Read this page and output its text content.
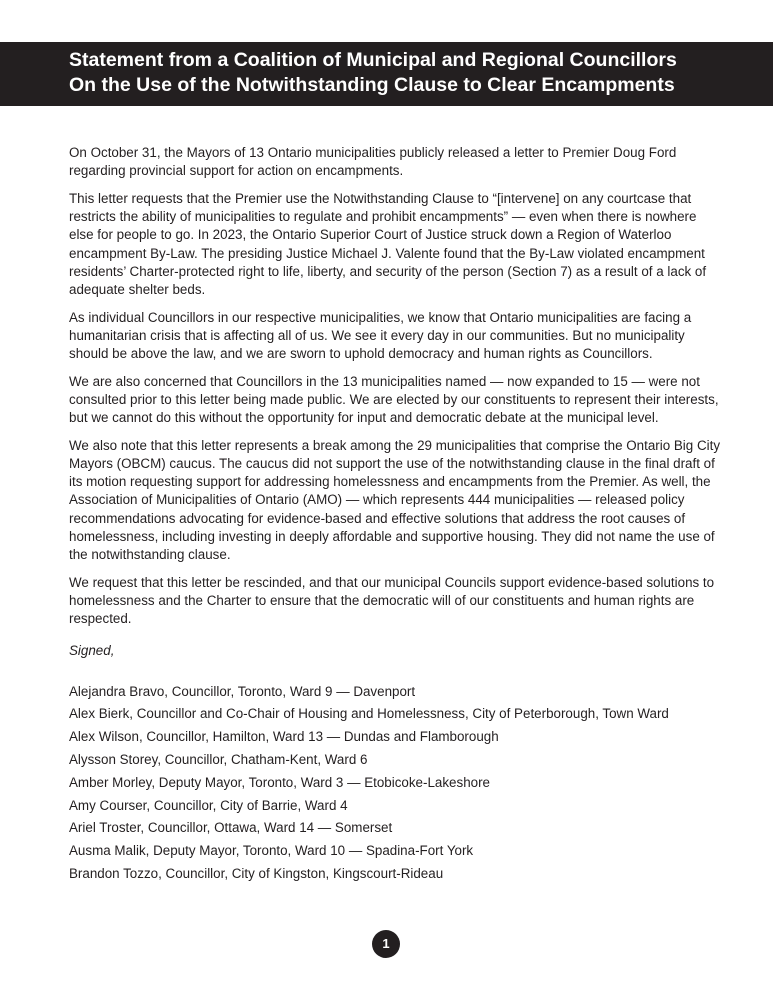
Statement from a Coalition of Municipal and Regional Councillors
On the Use of the Notwithstanding Clause to Clear Encampments

On October 31, the Mayors of 13 Ontario municipalities publicly released a letter to Premier Doug Ford regarding provincial support for action on encampments.

This letter requests that the Premier use the Notwithstanding Clause to “[intervene] on any courtcase that restricts the ability of municipalities to regulate and prohibit encampments” — even when there is nowhere else for people to go. In 2023, the Ontario Superior Court of Justice struck down a Region of Waterloo encampment By-Law. The presiding Justice Michael J. Valente found that the By-Law violated encampment residents’ Charter-protected right to life, liberty, and security of the person (Section 7) as a result of a lack of adequate shelter beds.

As individual Councillors in our respective municipalities, we know that Ontario municipalities are facing a humanitarian crisis that is affecting all of us. We see it every day in our communities. But no municipality should be above the law, and we are sworn to uphold democracy and human rights as Councillors.

We are also concerned that Councillors in the 13 municipalities named — now expanded to 15 — were not consulted prior to this letter being made public. We are elected by our constituents to represent their interests, but we cannot do this without the opportunity for input and democratic debate at the municipal level.

We also note that this letter represents a break among the 29 municipalities that comprise the Ontario Big City Mayors (OBCM) caucus. The caucus did not support the use of the notwithstanding clause in the final draft of its motion requesting support for addressing homelessness and encampments from the Premier. As well, the Association of Municipalities of Ontario (AMO) — which represents 444 municipalities — released policy recommendations advocating for evidence-based and effective solutions that address the root causes of homelessness, including investing in deeply affordable and supportive housing. They did not name the use of the notwithstanding clause.

We request that this letter be rescinded, and that our municipal Councils support evidence-based solutions to homelessness and the Charter to ensure that the democratic will of our constituents and human rights are respected.

Signed,

Alejandra Bravo, Councillor, Toronto, Ward 9 — Davenport
Alex Bierk, Councillor and Co-Chair of Housing and Homelessness, City of Peterborough, Town Ward
Alex Wilson, Councillor, Hamilton, Ward 13 — Dundas and Flamborough
Alysson Storey, Councillor, Chatham-Kent, Ward 6
Amber Morley, Deputy Mayor, Toronto, Ward 3 — Etobicoke-Lakeshore
Amy Courser, Councillor, City of Barrie, Ward 4
Ariel Troster, Councillor, Ottawa, Ward 14 — Somerset
Ausma Malik, Deputy Mayor, Toronto, Ward 10 — Spadina-Fort York
Brandon Tozzo, Councillor, City of Kingston, Kingscourt-Rideau
1
